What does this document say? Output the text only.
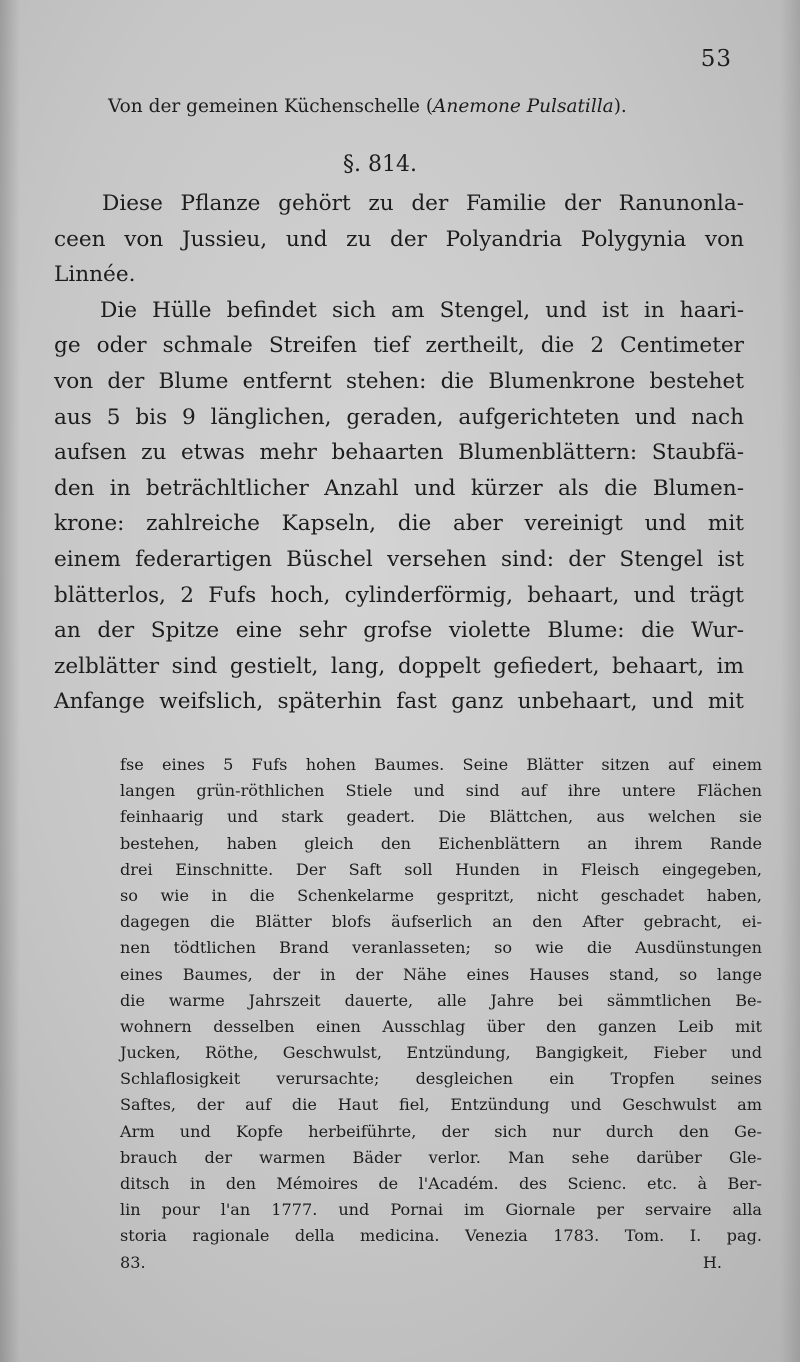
53
Von der gemeinen Küchenschelle (Anemone Pulsatilla).
§. 814.
Diese Pflanze gehört zu der Familie der Ranunonla-
ceen von Jussieu, und zu der Polyandria Polygynia von
Linnée.
Die Hülle befindet sich am Stengel, und ist in haari-
ge oder schmale Streifen tief zertheilt, die 2 Centimeter
von der Blume entfernt stehen: die Blumenkrone bestehet
aus 5 bis 9 länglichen, geraden, aufgerichteten und nach
aufsen zu etwas mehr behaarten Blumenblättern: Staubfä-
den in beträchltlicher Anzahl und kürzer als die Blumen-
krone: zahlreiche Kapseln, die aber vereinigt und mit
einem federartigen Büschel versehen sind: der Stengel ist
blätterlos, 2 Fufs hoch, cylinderförmig, behaart, und trägt
an der Spitze eine sehr grofse violette Blume: die Wur-
zelblätter sind gestielt, lang, doppelt gefiedert, behaart, im
Anfange weifslich, späterhin fast ganz unbehaart, und mit
fse eines 5 Fufs hohen Baumes. Seine Blätter sitzen auf einem
langen grün-röthlichen Stiele und sind auf ihre untere Flächen
feinhaarig und stark geadert. Die Blättchen, aus welchen sie
bestehen, haben gleich den Eichenblättern an ihrem Rande
drei Einschnitte. Der Saft soll Hunden in Fleisch eingegeben,
so wie in die Schenkelarme gespritzt, nicht geschadet haben,
dagegen die Blätter blofs äufserlich an den After gebracht, ei-
nen tödtlichen Brand veranlasseten; so wie die Ausdünstungen
eines Baumes, der in der Nähe eines Hauses stand, so lange
die warme Jahrszeit dauerte, alle Jahre bei sämmtlichen Be-
wohnern desselben einen Ausschlag über den ganzen Leib mit
Jucken, Röthe, Geschwulst, Entzündung, Bangigkeit, Fieber und
Schlaflosigkeit verursachte; desgleichen ein Tropfen seines
Saftes, der auf die Haut fiel, Entzündung und Geschwulst am
Arm und Kopfe herbeiführte, der sich nur durch den Ge-
brauch der warmen Bäder verlor. Man sehe darüber Gle-
ditsch in den Mémoires de l'Académ. des Scienc. etc. à Ber-
lin pour l'an 1777. und Pornai im Giornale per servaire alla
storia ragionale della medicina. Venezia 1783. Tom. I. pag.
83.	H.
